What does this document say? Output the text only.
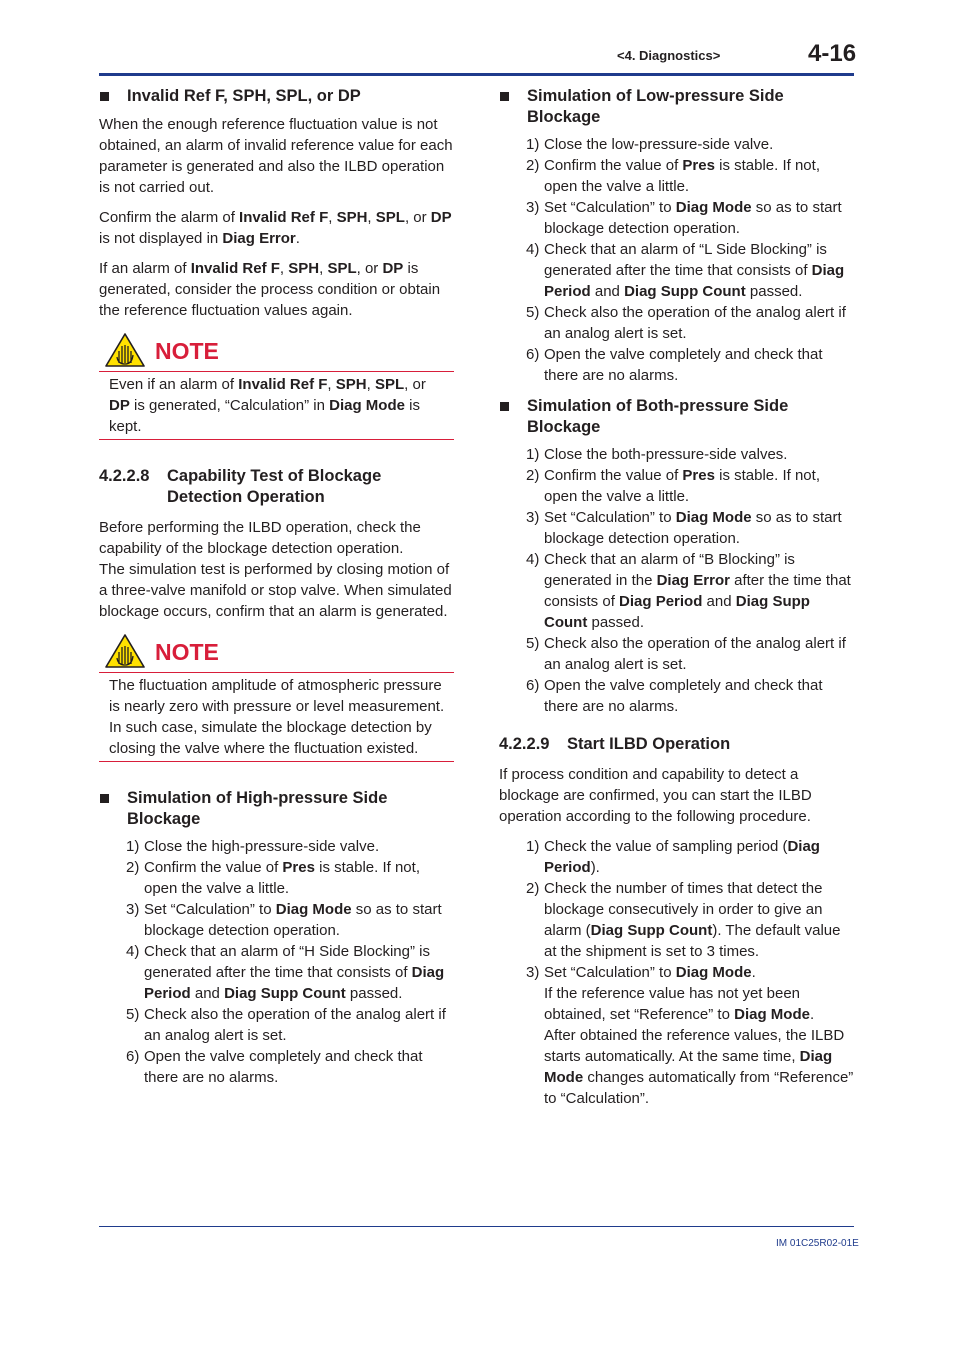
<4. Diagnostics>	4-16
Invalid Ref F, SPH, SPL, or DP

When the enough reference fluctuation value is not obtained, an alarm of invalid reference value for each parameter is generated and also the ILBD operation is not carried out.

Confirm the alarm of Invalid Ref F, SPH, SPL, or DP is not displayed in Diag Error.

If an alarm of Invalid Ref F, SPH, SPL, or DP is generated, consider the process condition or obtain the reference fluctuation values again.

NOTE

Even if an alarm of Invalid Ref F, SPH, SPL, or DP is generated, “Calculation” in Diag Mode is kept.

4.2.2.8	Capability Test of Blockage Detection Operation

Before performing the ILBD operation, check the capability of the blockage detection operation.

The simulation test is performed by closing motion of a three-valve manifold or stop valve. When simulated blockage occurs, confirm that an alarm is generated.

NOTE

The fluctuation amplitude of atmospheric pressure is nearly zero with pressure or level measurement. In such case, simulate the blockage detection by closing the valve where the fluctuation existed.

Simulation of High-pressure Side Blockage
1) Close the high-pressure-side valve.
2) Confirm the value of Pres is stable. If not, open the valve a little.
3) Set “Calculation” to Diag Mode so as to start blockage detection operation.
4) Check that an alarm of “H Side Blocking” is generated after the time that consists of Diag Period and Diag Supp Count passed.
5) Check also the operation of the analog alert if an analog alert is set.
6) Open the valve completely and check that there are no alarms.
Simulation of Low-pressure Side Blockage
1) Close the low-pressure-side valve.
2) Confirm the value of Pres is stable. If not, open the valve a little.
3) Set “Calculation” to Diag Mode so as to start blockage detection operation.
4) Check that an alarm of “L Side Blocking” is generated after the time that consists of Diag Period and Diag Supp Count passed.
5) Check also the operation of the analog alert if an analog alert is set.
6) Open the valve completely and check that there are no alarms.
Simulation of Both-pressure Side Blockage
1) Close the both-pressure-side valves.
2) Confirm the value of Pres is stable. If not, open the valve a little.
3) Set “Calculation” to Diag Mode so as to start blockage detection operation.
4) Check that an alarm of “B Blocking” is generated in the Diag Error after the time that consists of Diag Period and Diag Supp Count passed.
5) Check also the operation of the analog alert if an analog alert is set.
6) Open the valve completely and check that there are no alarms.
4.2.2.9	Start ILBD Operation

If process condition and capability to detect a blockage are confirmed, you can start the ILBD operation according to the following procedure.

1) Check the value of sampling period (Diag Period).
2) Check the number of times that detect the blockage consecutively in order to give an alarm (Diag Supp Count). The default value at the shipment is set to 3 times.
3) Set “Calculation” to Diag Mode.
If the reference value has not yet been obtained, set “Reference” to Diag Mode.
After obtained the reference values, the ILBD starts automatically. At the same time, Diag Mode changes automatically from “Reference” to “Calculation”.
IM 01C25R02-01E
